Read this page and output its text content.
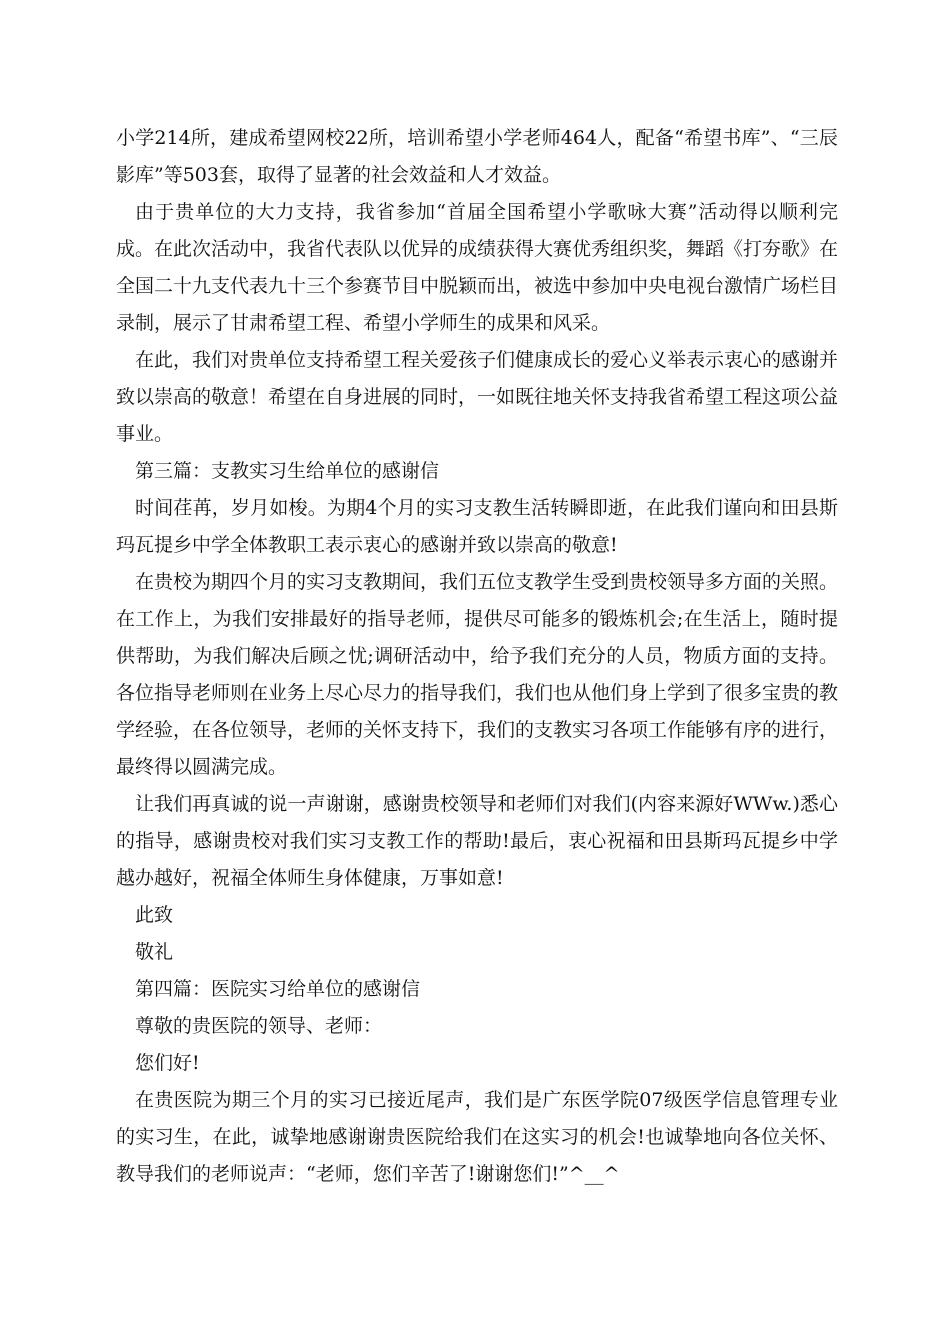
小学214所，建成希望网校22所，培训希望小学老师464人，配备“希望书库”、“三辰影库”等503套，取得了显著的社会效益和人才效益。

由于贵单位的大力支持，我省参加“首届全国希望小学歌咏大赛”活动得以顺利完成。在此次活动中，我省代表队以优异的成绩获得大赛优秀组织奖，舞蹈《打夯歌》在全国二十九支代表九十三个参赛节目中脱颖而出，被选中参加中央电视台激情广场栏目录制，展示了甘肃希望工程、希望小学师生的成果和风采。

在此，我们对贵单位支持希望工程关爱孩子们健康成长的爱心义举表示衷心的感谢并致以崇高的敬意！希望在自身进展的同时，一如既往地关怀支持我省希望工程这项公益事业。

第三篇：支教实习生给单位的感谢信

时间荏苒，岁月如梭。为期4个月的实习支教生活转瞬即逝，在此我们谨向和田县斯玛瓦提乡中学全体教职工表示衷心的感谢并致以崇高的敬意!

在贵校为期四个月的实习支教期间，我们五位支教学生受到贵校领导多方面的关照。在工作上，为我们安排最好的指导老师，提供尽可能多的锻炼机会;在生活上，随时提供帮助，为我们解决后顾之忧;调研活动中，给予我们充分的人员，物质方面的支持。各位指导老师则在业务上尽心尽力的指导我们，我们也从他们身上学到了很多宝贵的教学经验，在各位领导，老师的关怀支持下，我们的支教实习各项工作能够有序的进行，最终得以圆满完成。

让我们再真诚的说一声谢谢，感谢贵校领导和老师们对我们(内容来源好WWw.)悉心的指导，感谢贵校对我们实习支教工作的帮助!最后，衷心祝福和田县斯玛瓦提乡中学越办越好，祝福全体师生身体健康，万事如意!

此致

敬礼

第四篇：医院实习给单位的感谢信

尊敬的贵医院的领导、老师：

您们好!

在贵医院为期三个月的实习已接近尾声，我们是广东医学院07级医学信息管理专业的实习生，在此，诚挚地感谢谢贵医院给我们在这实习的机会!也诚挚地向各位关怀、教导我们的老师说声：“老师，您们辛苦了!谢谢您们!”^__^
